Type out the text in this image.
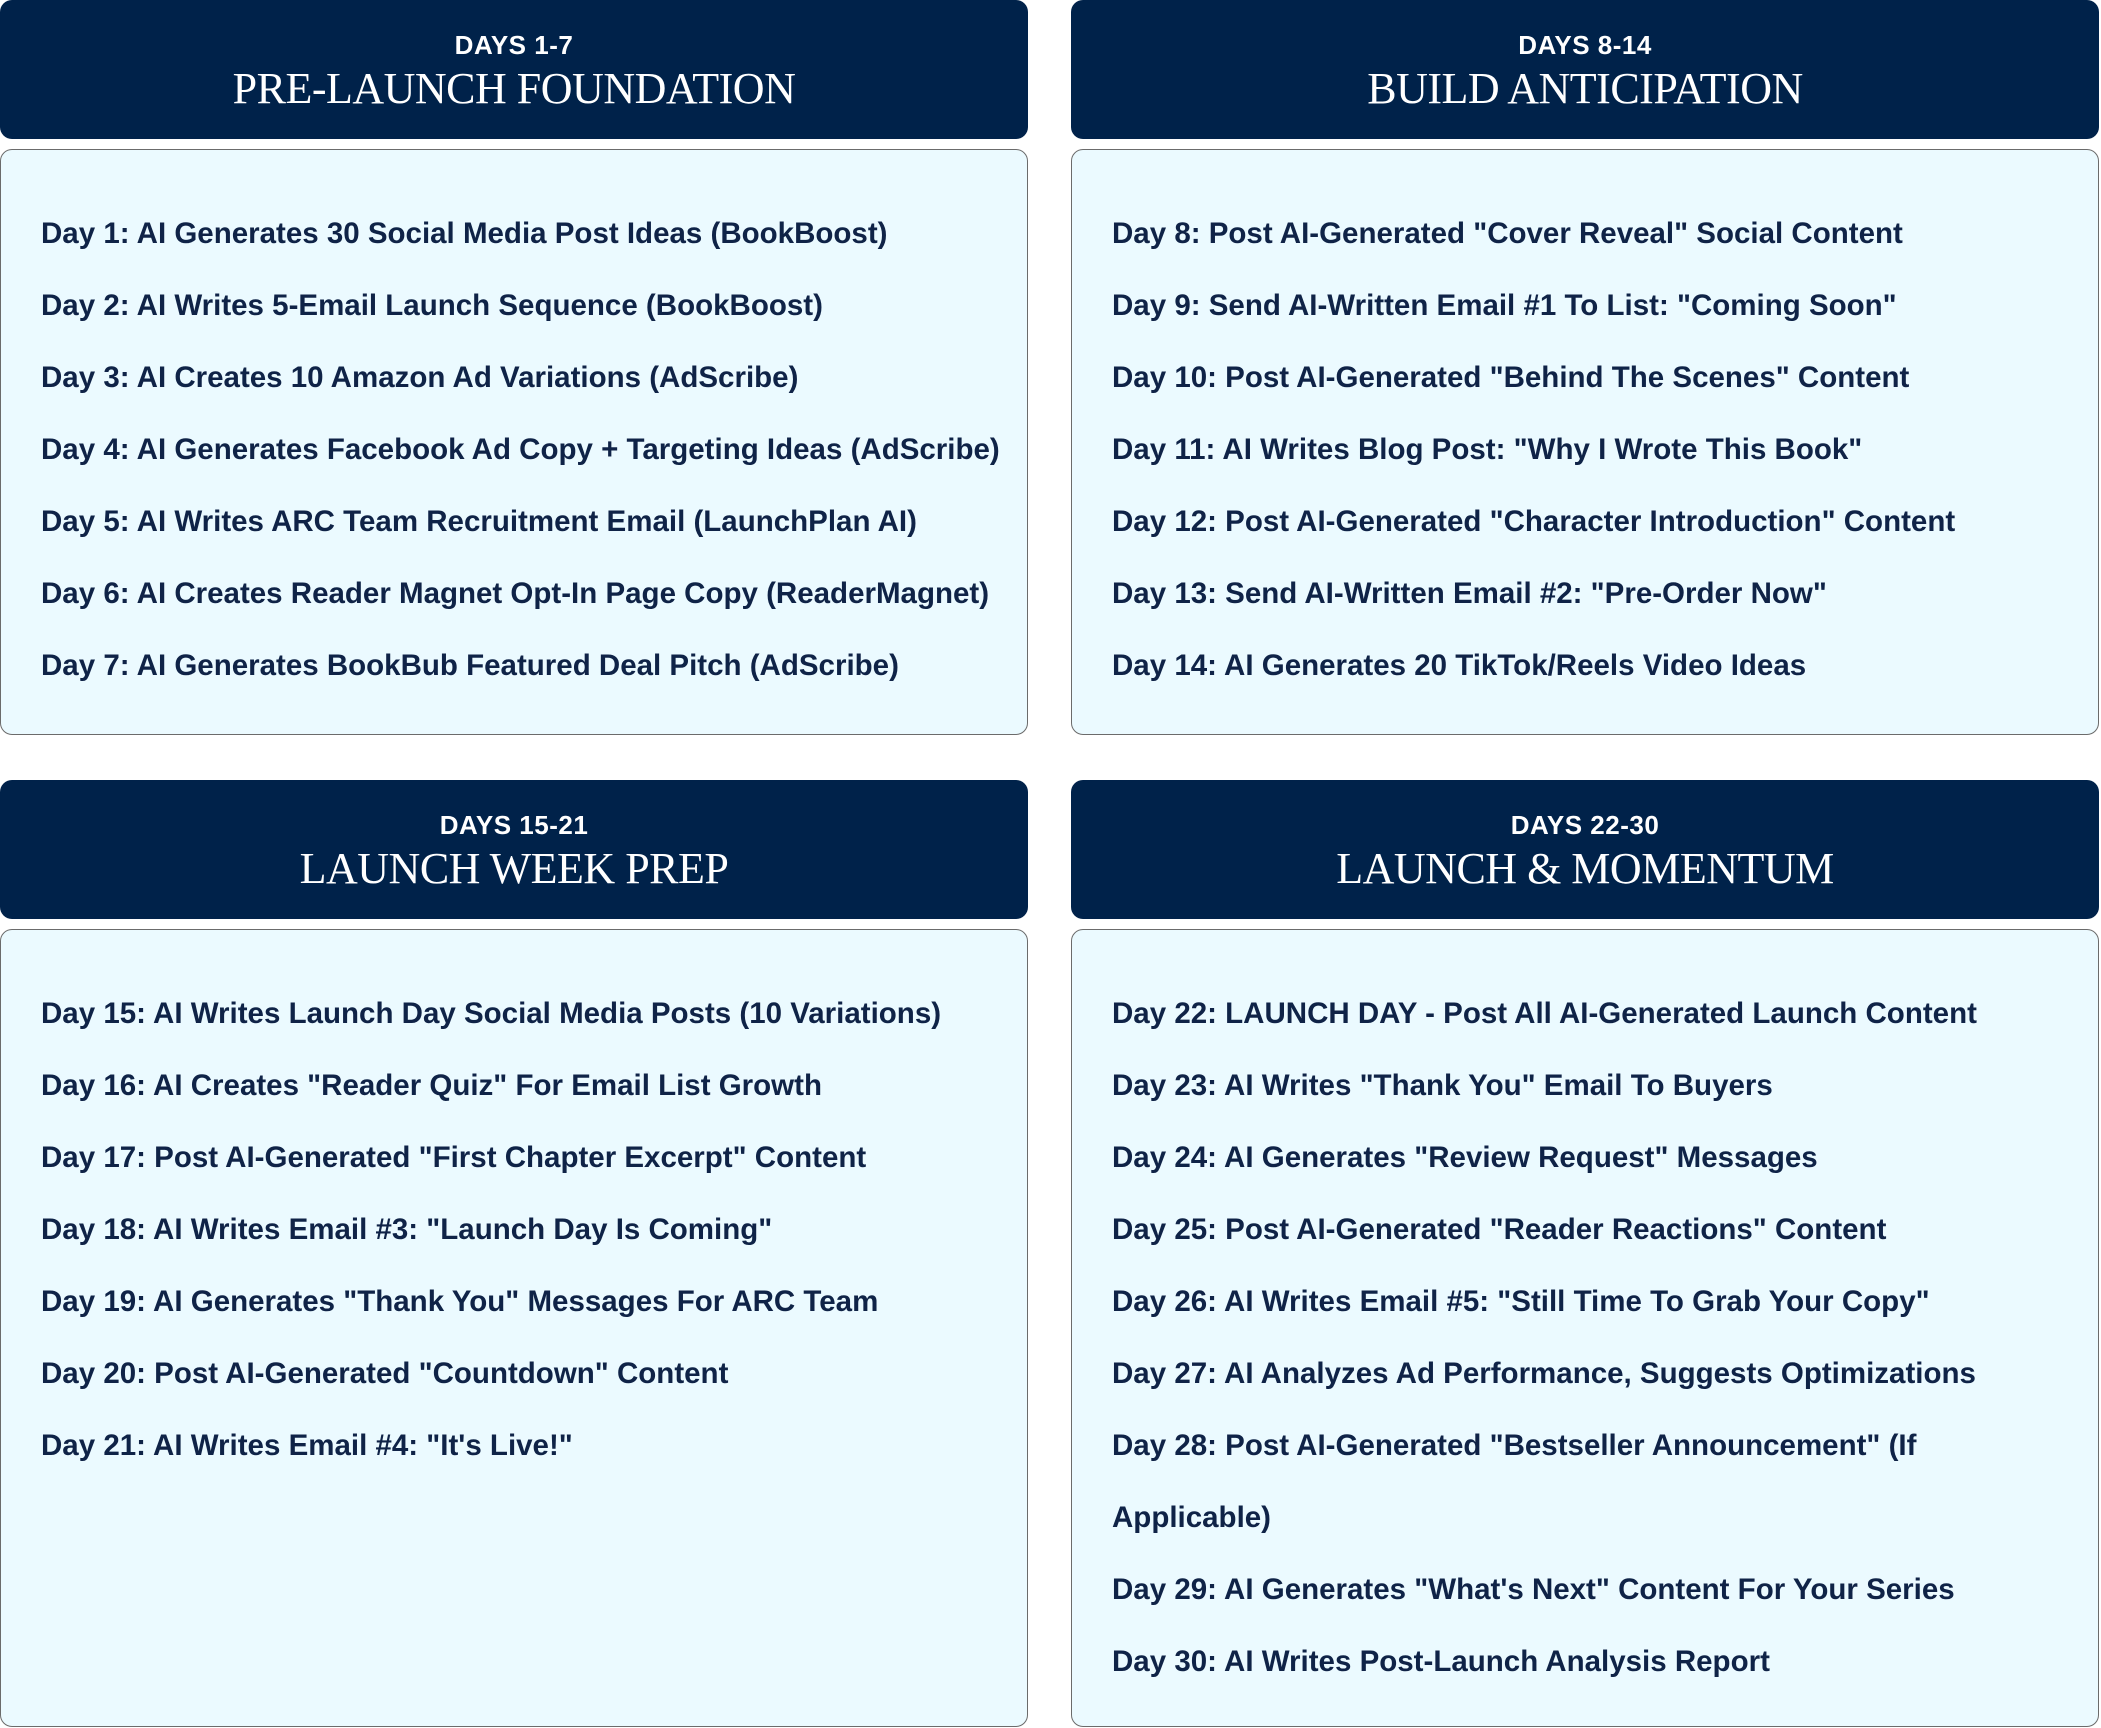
DAYS 1-7
PRE-LAUNCH FOUNDATION
Day 1: AI Generates 30 Social Media Post Ideas (BookBoost)
Day 2: AI Writes 5-Email Launch Sequence (BookBoost)
Day 3: AI Creates 10 Amazon Ad Variations (AdScribe)
Day 4: AI Generates Facebook Ad Copy + Targeting Ideas (AdScribe)
Day 5: AI Writes ARC Team Recruitment Email (LaunchPlan AI)
Day 6: AI Creates Reader Magnet Opt-In Page Copy (ReaderMagnet)
Day 7: AI Generates BookBub Featured Deal Pitch (AdScribe)
DAYS 8-14
BUILD ANTICIPATION
Day 8: Post AI-Generated "Cover Reveal" Social Content
Day 9: Send AI-Written Email #1 To List: "Coming Soon"
Day 10: Post AI-Generated "Behind The Scenes" Content
Day 11: AI Writes Blog Post: "Why I Wrote This Book"
Day 12: Post AI-Generated "Character Introduction" Content
Day 13: Send AI-Written Email #2: "Pre-Order Now"
Day 14: AI Generates 20 TikTok/Reels Video Ideas
DAYS 15-21
LAUNCH WEEK PREP
Day 15: AI Writes Launch Day Social Media Posts (10 Variations)
Day 16: AI Creates "Reader Quiz" For Email List Growth
Day 17: Post AI-Generated "First Chapter Excerpt" Content
Day 18: AI Writes Email #3: "Launch Day Is Coming"
Day 19: AI Generates "Thank You" Messages For ARC Team
Day 20: Post AI-Generated "Countdown" Content
Day 21: AI Writes Email #4: "It's Live!"
DAYS 22-30
LAUNCH & MOMENTUM
Day 22: LAUNCH DAY - Post All AI-Generated Launch Content
Day 23: AI Writes "Thank You" Email To Buyers
Day 24: AI Generates "Review Request" Messages
Day 25: Post AI-Generated "Reader Reactions" Content
Day 26: AI Writes Email #5: "Still Time To Grab Your Copy"
Day 27: AI Analyzes Ad Performance, Suggests Optimizations
Day 28: Post AI-Generated "Bestseller Announcement" (If Applicable)
Day 29: AI Generates "What's Next" Content For Your Series
Day 30: AI Writes Post-Launch Analysis Report
